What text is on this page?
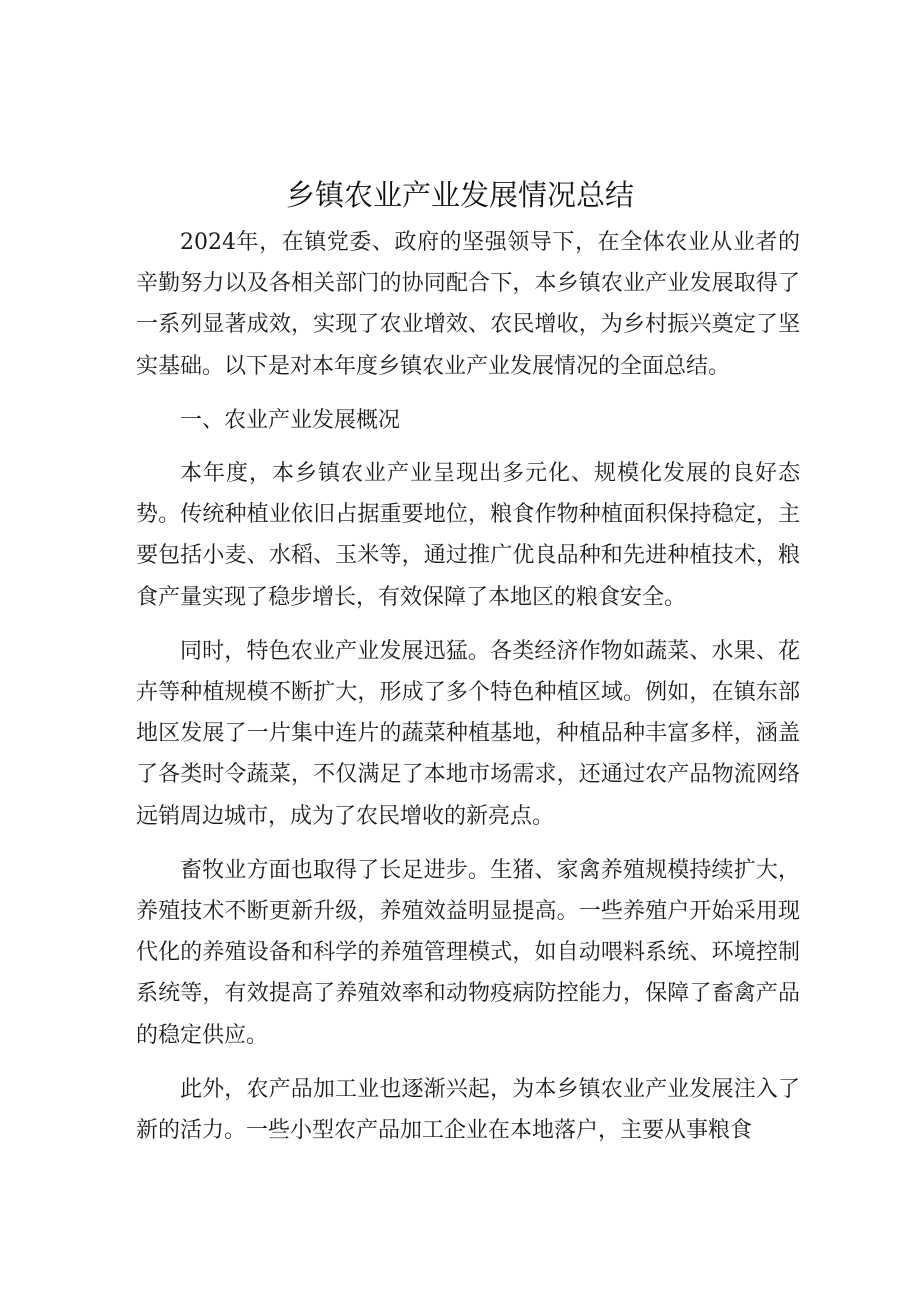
乡镇农业产业发展情况总结

2024年，在镇党委、政府的坚强领导下，在全体农业从业者的辛勤努力以及各相关部门的协同配合下，本乡镇农业产业发展取得了一系列显著成效，实现了农业增效、农民增收，为乡村振兴奠定了坚实基础。以下是对本年度乡镇农业产业发展情况的全面总结。

一、农业产业发展概况

本年度，本乡镇农业产业呈现出多元化、规模化发展的良好态势。传统种植业依旧占据重要地位，粮食作物种植面积保持稳定，主要包括小麦、水稻、玉米等，通过推广优良品种和先进种植技术，粮食产量实现了稳步增长，有效保障了本地区的粮食安全。

同时，特色农业产业发展迅猛。各类经济作物如蔬菜、水果、花卉等种植规模不断扩大，形成了多个特色种植区域。例如，在镇东部地区发展了一片集中连片的蔬菜种植基地，种植品种丰富多样，涵盖了各类时令蔬菜，不仅满足了本地市场需求，还通过农产品物流网络远销周边城市，成为了农民增收的新亮点。

畜牧业方面也取得了长足进步。生猪、家禽养殖规模持续扩大，养殖技术不断更新升级，养殖效益明显提高。一些养殖户开始采用现代化的养殖设备和科学的养殖管理模式，如自动喂料系统、环境控制系统等，有效提高了养殖效率和动物疫病防控能力，保障了畜禽产品的稳定供应。

此外，农产品加工业也逐渐兴起，为本乡镇农业产业发展注入了新的活力。一些小型农产品加工企业在本地落户，主要从事粮食
